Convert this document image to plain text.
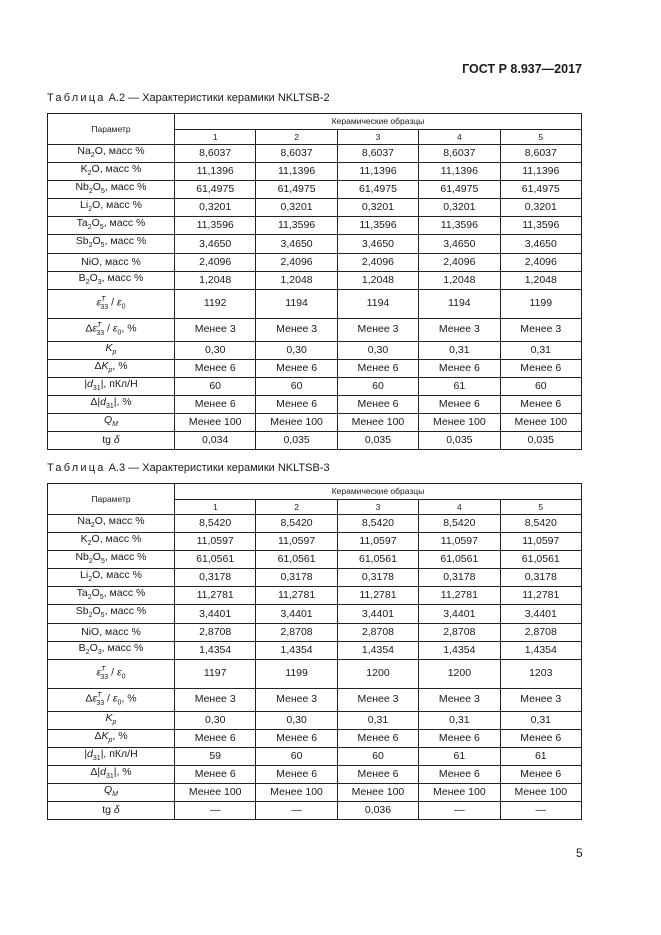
ГОСТ Р 8.937—2017
Таблица А.2 — Характеристики керамики NKLTSB-2
Параметр	Керамические образцы				
	1	2	3	4	5
$Na_2O$, масс %	8,6037	8,6037	8,6037	8,6037	8,6037
$K_2O$, масс %	11,1396	11,1396	11,1396	11,1396	11,1396
$Nb_2O_5$, масс %	61,4975	61,4975	61,4975	61,4975	61,4975
$Li_2O$, масс %	0,3201	0,3201	0,3201	0,3201	0,3201
$Ta_2O_5$, масс %	11,3596	11,3596	11,3596	11,3596	11,3596
$Sb_2O_5$, масс %	3,4650	3,4650	3,4650	3,4650	3,4650
NiO, масс %	2,4096	2,4096	2,4096	2,4096	2,4096
$B_2O_3$, масс %	1,2048	1,2048	1,2048	1,2048	1,2048
$\varepsilon^T_{33} / \varepsilon_0$	1192	1194	1194	1194	1199
$\Delta\varepsilon^T_{33} / \varepsilon_0$, %	Менее 3	Менее 3	Менее 3	Менее 3	Менее 3
$K_p$	0,30	0,30	0,30	0,31	0,31
$\Delta K_p$, %	Менее 6	Менее 6	Менее 6	Менее 6	Менее 6
$|d_{31}|$, пКл/Н	60	60	60	61	60
$\Delta|d_{31}|$, %	Менее 6	Менее 6	Менее 6	Менее 6	Менее 6
$Q_M$	Менее 100	Менее 100	Менее 100	Менее 100	Менее 100
tg δ	0,034	0,035	0,035	0,035	0,035
Таблица А.3 — Характеристики керамики NKLTSB-3
Параметр	Керамические образцы				
	1	2	3	4	5
$Na_2O$, масс %	8,5420	8,5420	8,5420	8,5420	8,5420
$K_2O$, масс %	11,0597	11,0597	11,0597	11,0597	11,0597
$Nb_2O_5$, масс %	61,0561	61,0561	61,0561	61,0561	61,0561
$Li_2O$, масс %	0,3178	0,3178	0,3178	0,3178	0,3178
$Ta_2O_5$, масс %	11,2781	11,2781	11,2781	11,2781	11,2781
$Sb_2O_5$, масс %	3,4401	3,4401	3,4401	3,4401	3,4401
NiO, масс %	2,8708	2,8708	2,8708	2,8708	2,8708
$B_2O_3$, масс %	1,4354	1,4354	1,4354	1,4354	1,4354
$\varepsilon^T_{33} / \varepsilon_0$	1197	1199	1200	1200	1203
$\Delta\varepsilon^T_{33} / \varepsilon_0$, %	Менее 3	Менее 3	Менее 3	Менее 3	Менее 3
$K_p$	0,30	0,30	0,31	0,31	0,31
$\Delta K_p$, %	Менее 6	Менее 6	Менее 6	Менее 6	Менее 6
$|d_{31}|$, пКл/Н	59	60	60	61	61
$\Delta|d_{31}|$, %	Менее 6	Менее 6	Менее 6	Менее 6	Менее 6
$Q_M$	Менее 100	Менее 100	Менее 100	Менее 100	Менее 100
tg δ	—	—	0,036	—	—
5
